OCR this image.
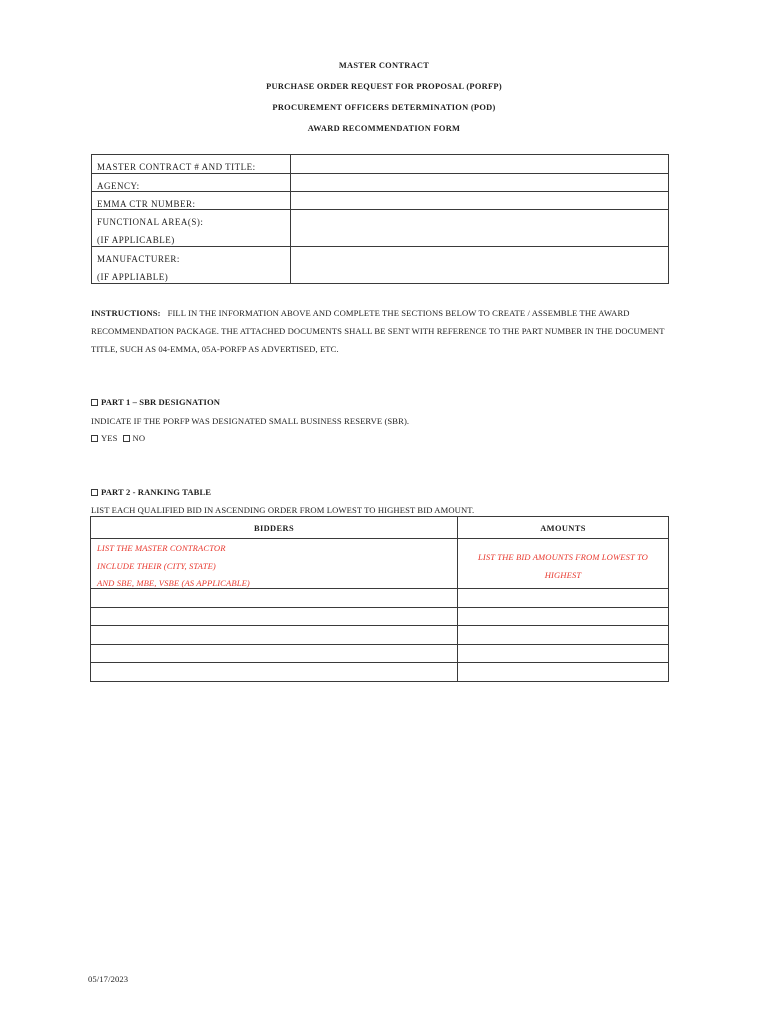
MASTER CONTRACT
PURCHASE ORDER REQUEST FOR PROPOSAL (PORFP)
PROCUREMENT OFFICERS DETERMINATION (POD)
AWARD RECOMMENDATION FORM
MASTER CONTRACT # AND TITLE:
AGENCY:
EMMA CTR NUMBER:
FUNCTIONAL AREA(S):
(IF APPLICABLE)
MANUFACTURER:
(IF APPLIABLE)
INSTRUCTIONS: FILL IN THE INFORMATION ABOVE AND COMPLETE THE SECTIONS BELOW TO CREATE / ASSEMBLE THE AWARD
RECOMMENDATION PACKAGE. THE ATTACHED DOCUMENTS SHALL BE SENT WITH REFERENCE TO THE PART NUMBER IN THE DOCUMENT
TITLE, SUCH AS 04-EMMA, 05A-PORFP AS ADVERTISED, ETC.
PART 1 – SBR DESIGNATION
INDICATE IF THE PORFP WAS DESIGNATED SMALL BUSINESS RESERVE (SBR).
YES NO
PART 2 - RANKING TABLE
LIST EACH QUALIFIED BID IN ASCENDING ORDER FROM LOWEST TO HIGHEST BID AMOUNT.
BIDDERS	AMOUNTS
LIST THE MASTER CONTRACTOR
INCLUDE THEIR (CITY, STATE)
AND SBE, MBE, VSBE (AS APPLICABLE)
LIST THE BID AMOUNTS FROM LOWEST TO
HIGHEST
05/17/2023
